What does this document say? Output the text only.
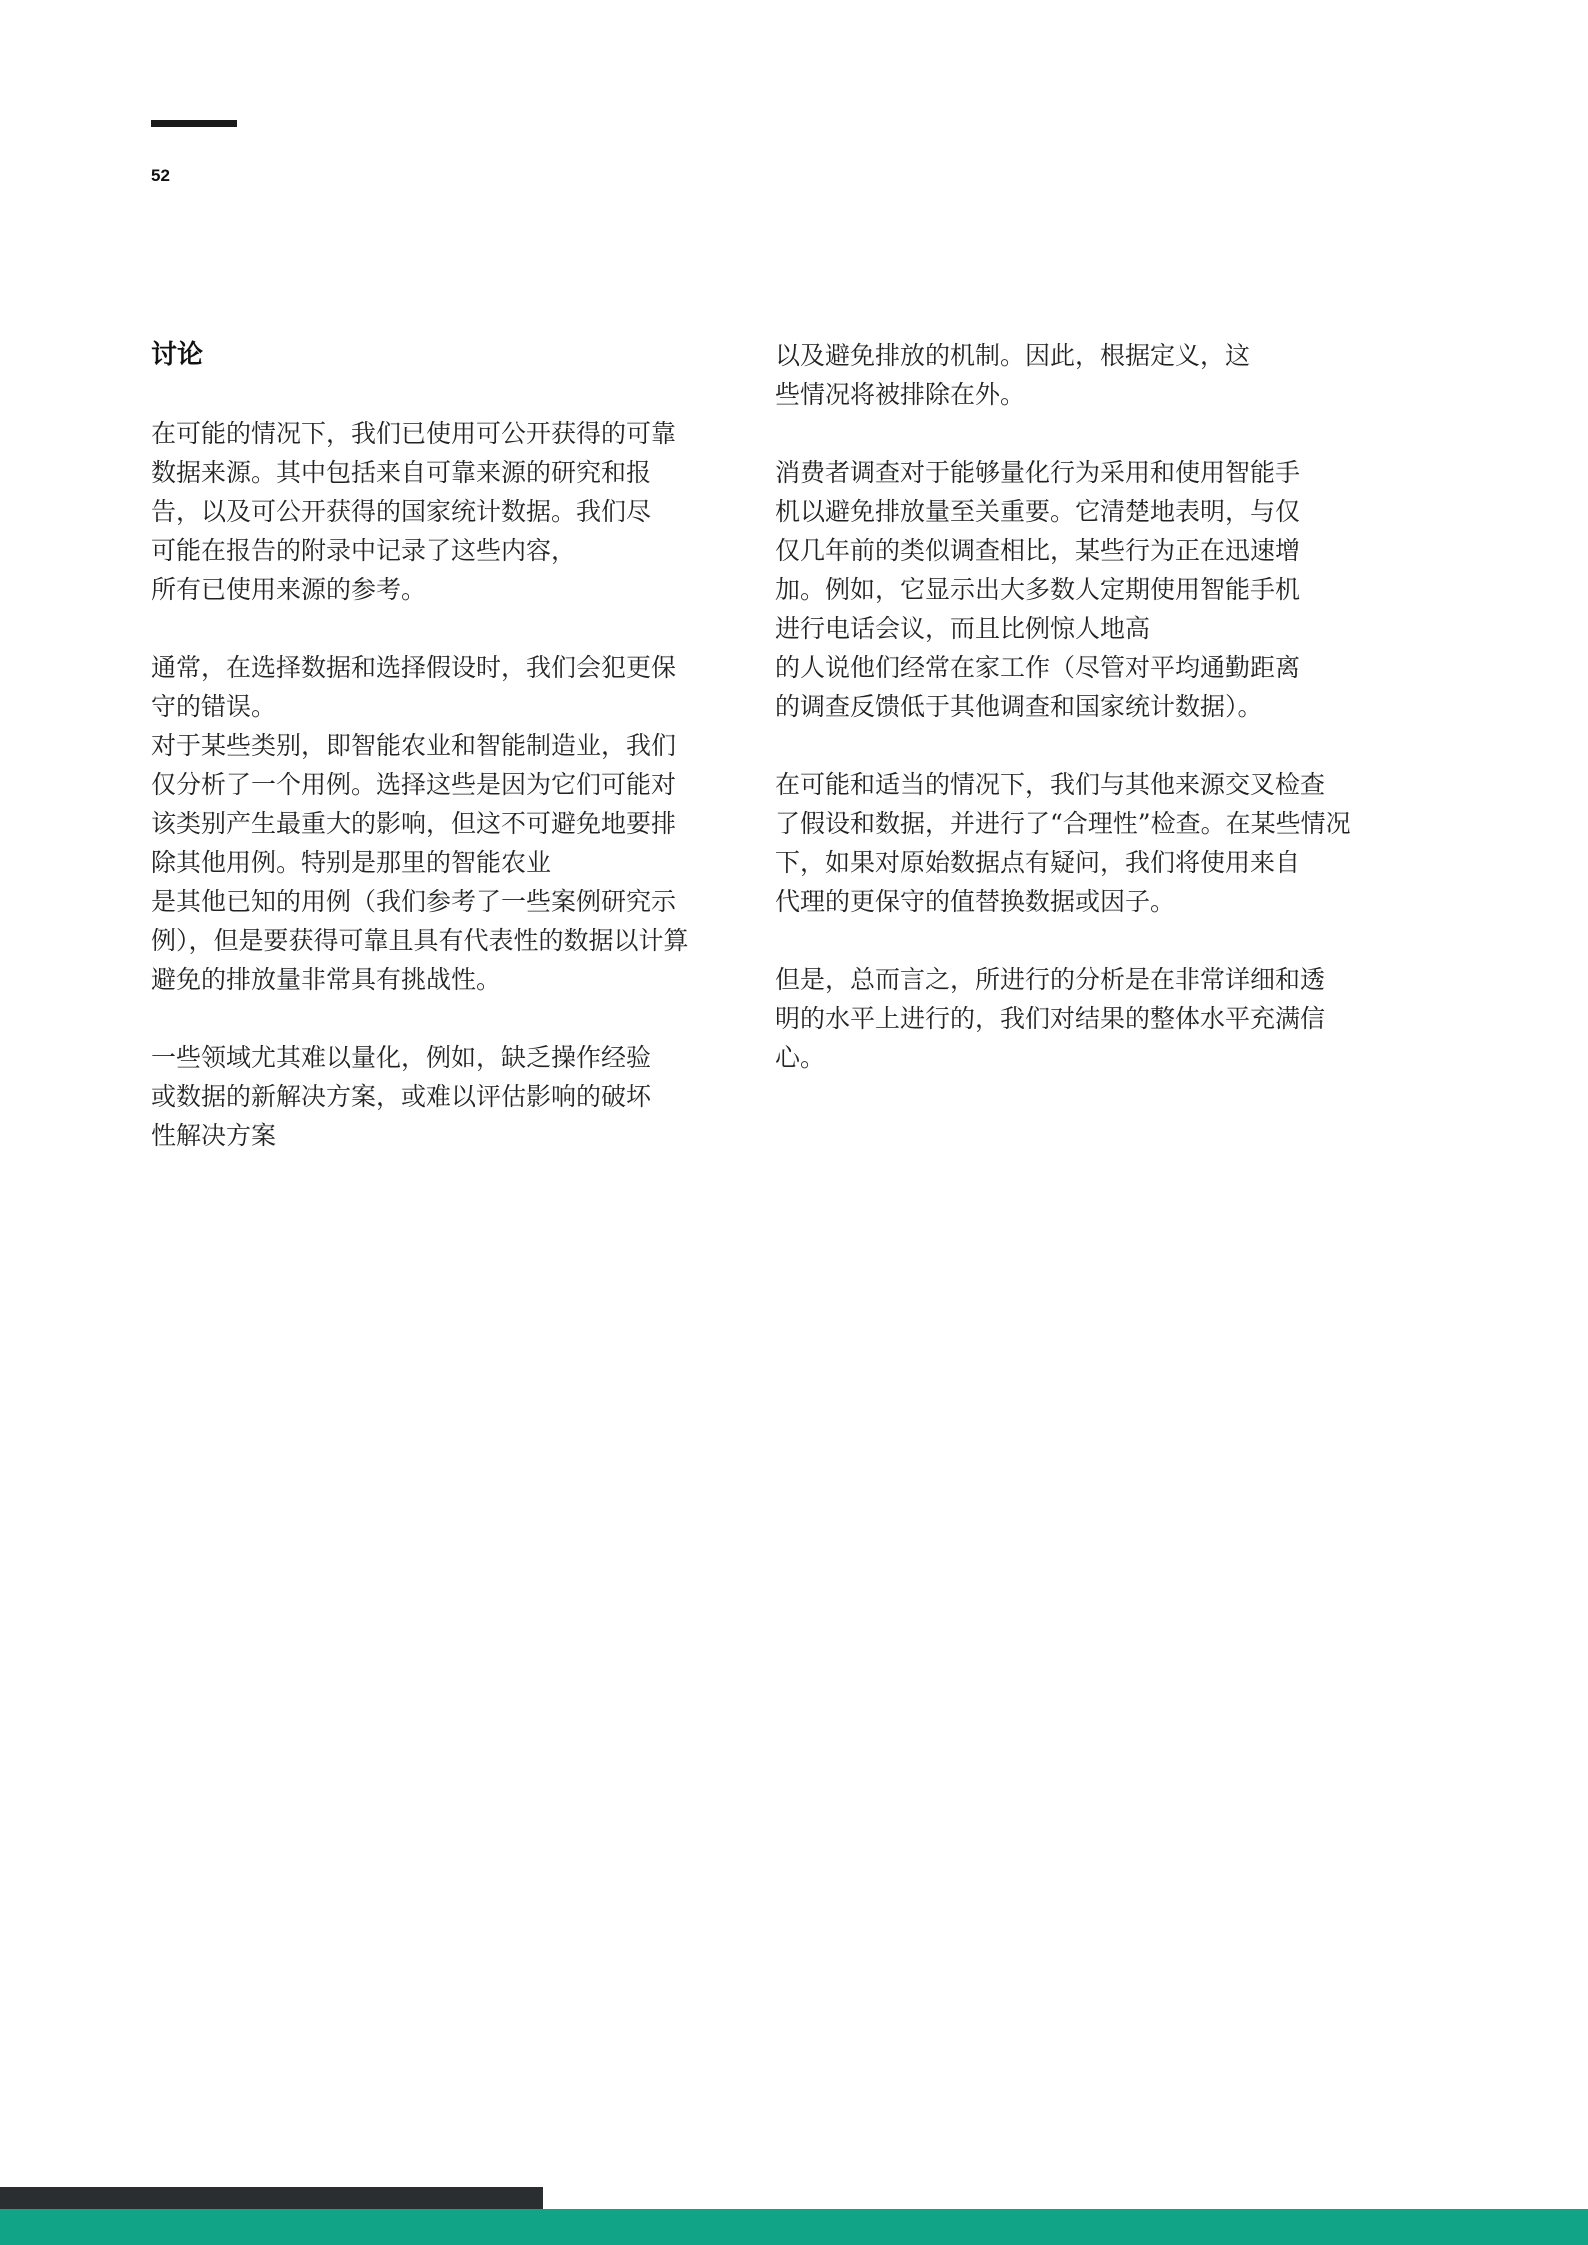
52
讨论
在可能的情况下，我们已使用可公开获得的可靠
数据来源。其中包括来自可靠来源的研究和报
告，以及可公开获得的国家统计数据。我们尽
可能在报告的附录中记录了这些内容，
所有已使用来源的参考。
通常，在选择数据和选择假设时，我们会犯更保
守的错误。
对于某些类别，即智能农业和智能制造业，我们
仅分析了一个用例。选择这些是因为它们可能对
该类别产生最重大的影响，但这不可避免地要排
除其他用例。特别是那里的智能农业
是其他已知的用例（我们参考了一些案例研究示
例），但是要获得可靠且具有代表性的数据以计算
避免的排放量非常具有挑战性。
一些领域尤其难以量化，例如，缺乏操作经验
或数据的新解决方案，或难以评估影响的破坏
性解决方案
以及避免排放的机制。因此，根据定义，这
些情况将被排除在外。
消费者调查对于能够量化行为采用和使用智能手
机以避免排放量至关重要。它清楚地表明，与仅
仅几年前的类似调查相比，某些行为正在迅速增
加。例如，它显示出大多数人定期使用智能手机
进行电话会议，而且比例惊人地高
的人说他们经常在家工作（尽管对平均通勤距离
的调查反馈低于其他调查和国家统计数据）。
在可能和适当的情况下，我们与其他来源交叉检查
了假设和数据，并进行了“合理性”检查。在某些情况
下，如果对原始数据点有疑问，我们将使用来自
代理的更保守的值替换数据或因子。
但是，总而言之，所进行的分析是在非常详细和透
明的水平上进行的，我们对结果的整体水平充满信
心。
